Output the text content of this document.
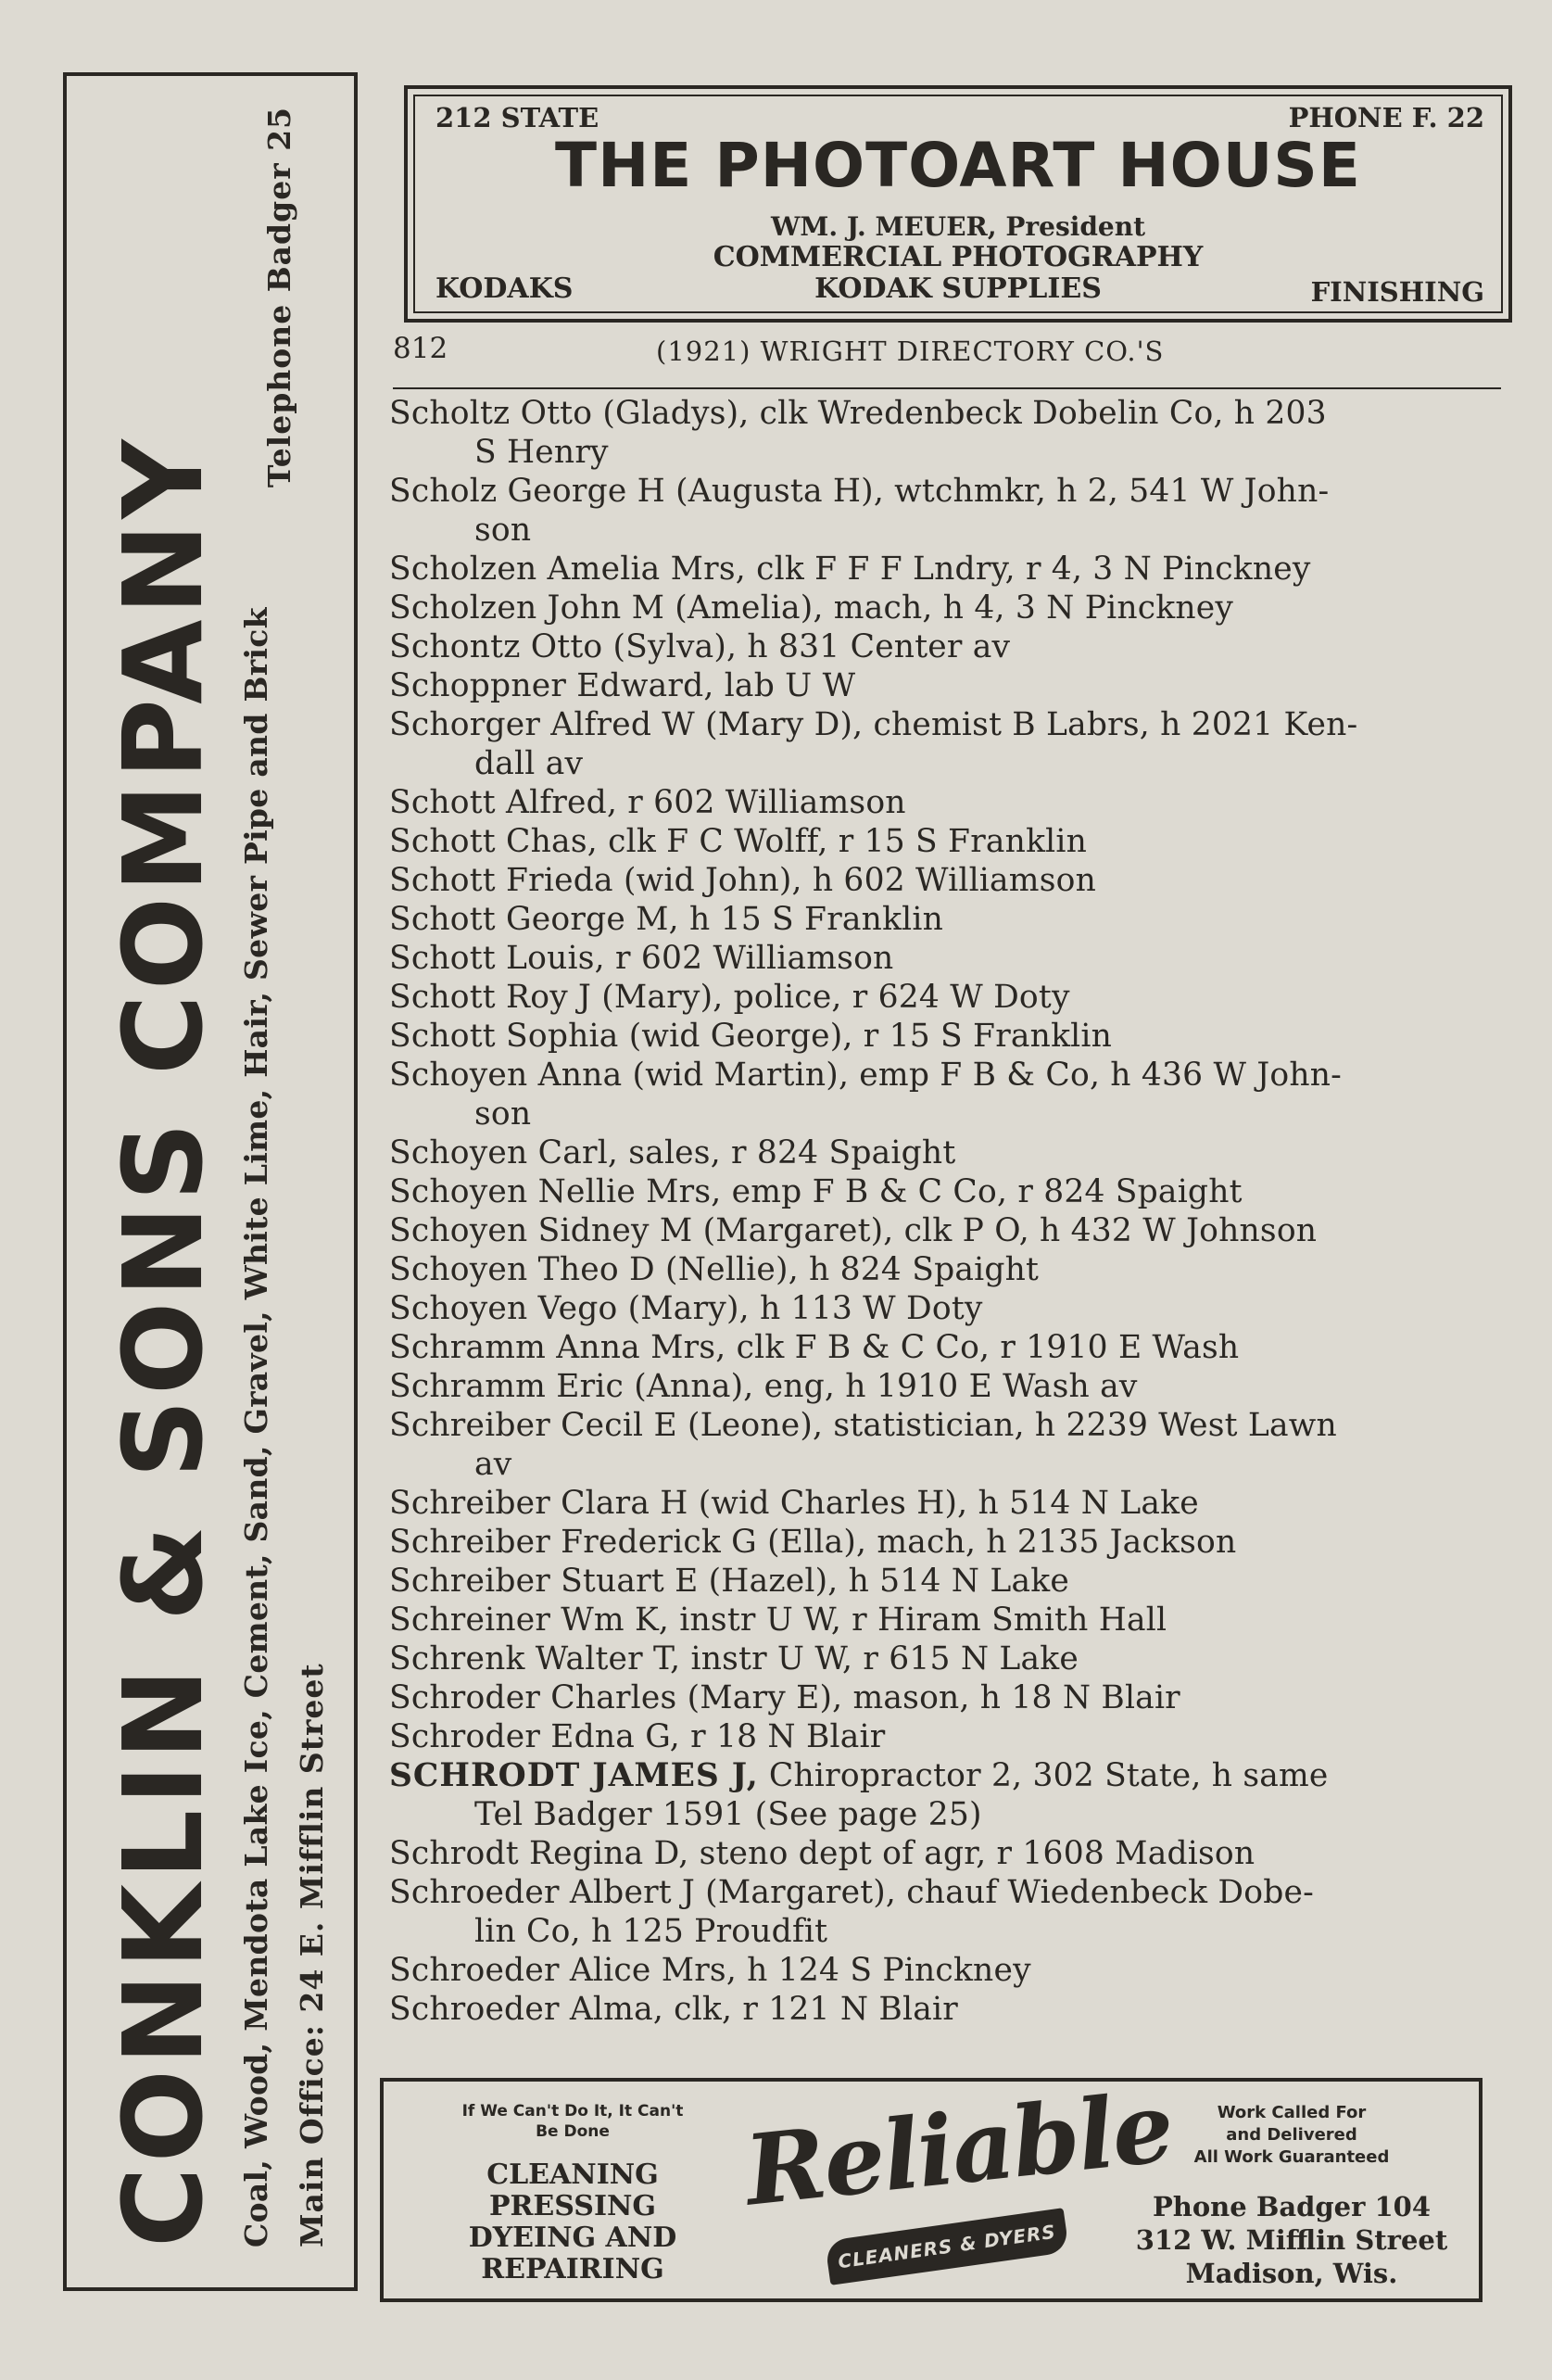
CONKLIN & SONS COMPANY Coal, Wood, Mendota Lake Ice, Cement, Sand, Gravel, White Lime, Hair, Sewer Pipe and Brick Main Office: 24 E. Mifflin Street
Telephone Badger 25	212 STATE	PHONE F. 22
THE PHOTOART HOUSE
WM. J. MEUER, President
COMMERCIAL PHOTOGRAPHY
KODAKS	KODAK SUPPLIES	FINISHING
812	(1921) WRIGHT DIRECTORY CO.'S
Scholtz Otto (Gladys), clk Wredenbeck Dobelin Co, h 203
S Henry
Scholz George H (Augusta H), wtchmkr, h 2, 541 W John-
son
Scholzen Amelia Mrs, clk F F F Lndry, r 4, 3 N Pinckney
Scholzen John M (Amelia), mach, h 4, 3 N Pinckney
Schontz Otto (Sylva), h 831 Center av
Schoppner Edward, lab U W
Schorger Alfred W (Mary D), chemist B Labrs, h 2021 Ken-
dall av
Schott Alfred, r 602 Williamson
Schott Chas, clk F C Wolff, r 15 S Franklin
Schott Frieda (wid John), h 602 Williamson
Schott George M, h 15 S Franklin
Schott Louis, r 602 Williamson
Schott Roy J (Mary), police, r 624 W Doty
Schott Sophia (wid George), r 15 S Franklin
Schoyen Anna (wid Martin), emp F B & Co, h 436 W John-
son
Schoyen Carl, sales, r 824 Spaight
Schoyen Nellie Mrs, emp F B & C Co, r 824 Spaight
Schoyen Sidney M (Margaret), clk P O, h 432 W Johnson
Schoyen Theo D (Nellie), h 824 Spaight
Schoyen Vego (Mary), h 113 W Doty
Schramm Anna Mrs, clk F B & C Co, r 1910 E Wash
Schramm Eric (Anna), eng, h 1910 E Wash av
Schreiber Cecil E (Leone), statistician, h 2239 West Lawn
av
Schreiber Clara H (wid Charles H), h 514 N Lake
Schreiber Frederick G (Ella), mach, h 2135 Jackson
Schreiber Stuart E (Hazel), h 514 N Lake
Schreiner Wm K, instr U W, r Hiram Smith Hall
Schrenk Walter T, instr U W, r 615 N Lake
Schroder Charles (Mary E), mason, h 18 N Blair
Schroder Edna G, r 18 N Blair
SCHRODT JAMES J, Chiropractor 2, 302 State, h same
Tel Badger 1591 (See page 25)
Schrodt Regina D, steno dept of agr, r 1608 Madison
Schroeder Albert J (Margaret), chauf Wiedenbeck Dobe-
lin Co, h 125 Proudfit
Schroeder Alice Mrs, h 124 S Pinckney
Schroeder Alma, clk, r 121 N Blair
If We Can't Do It, It Can't
Be Done
CLEANING
PRESSING
DYEING AND
REPAIRING
Reliable
CLEANERS & DYERS
Work Called For
and Delivered
All Work Guaranteed
Phone Badger 104
312 W. Mifflin Street
Madison, Wis.
